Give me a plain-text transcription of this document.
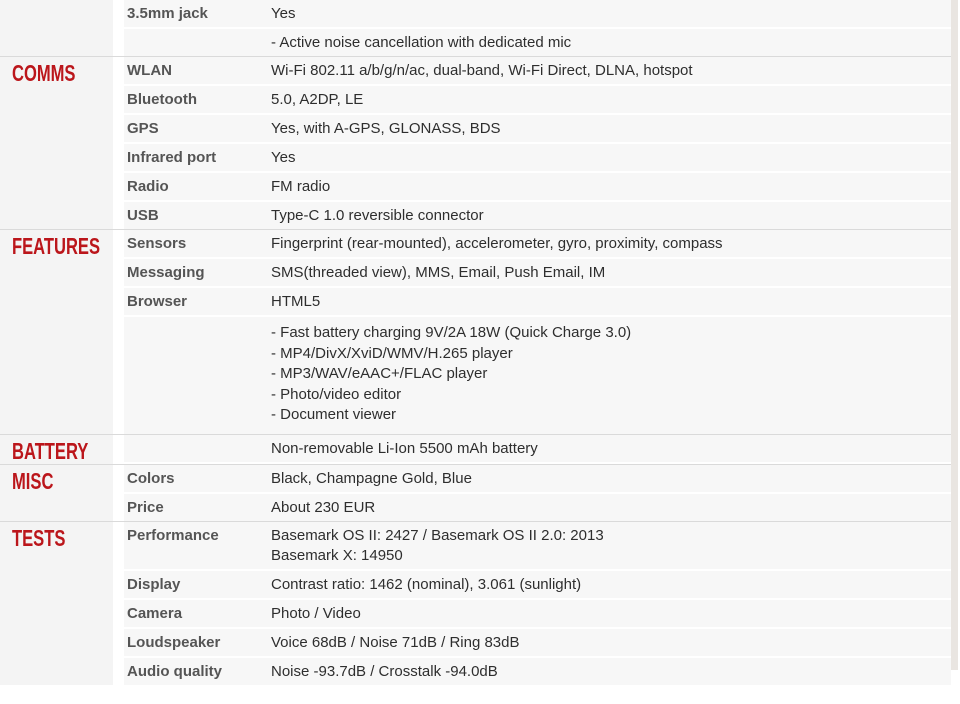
3.5mm jack	Yes
- Active noise cancellation with dedicated mic
COMMS	WLAN	Wi-Fi 802.11 a/b/g/n/ac, dual-band, Wi-Fi Direct, DLNA, hotspot
Bluetooth	5.0, A2DP, LE
GPS	Yes, with A-GPS, GLONASS, BDS
Infrared port	Yes
Radio	FM radio
USB	Type-C 1.0 reversible connector
FEATURES	Sensors	Fingerprint (rear-mounted), accelerometer, gyro, proximity, compass
Messaging	SMS(threaded view), MMS, Email, Push Email, IM
Browser	HTML5
- Fast battery charging 9V/2A 18W (Quick Charge 3.0)
- MP4/DivX/XviD/WMV/H.265 player
- MP3/WAV/eAAC+/FLAC player
- Photo/video editor
- Document viewer
BATTERY	Non-removable Li-Ion 5500 mAh battery
MISC	Colors	Black, Champagne Gold, Blue
Price	About 230 EUR
TESTS	Performance	Basemark OS II: 2427 / Basemark OS II 2.0: 2013
Basemark X: 14950
Display	Contrast ratio: 1462 (nominal), 3.061 (sunlight)
Camera	Photo / Video
Loudspeaker	Voice 68dB / Noise 71dB / Ring 83dB
Audio quality	Noise -93.7dB / Crosstalk -94.0dB
